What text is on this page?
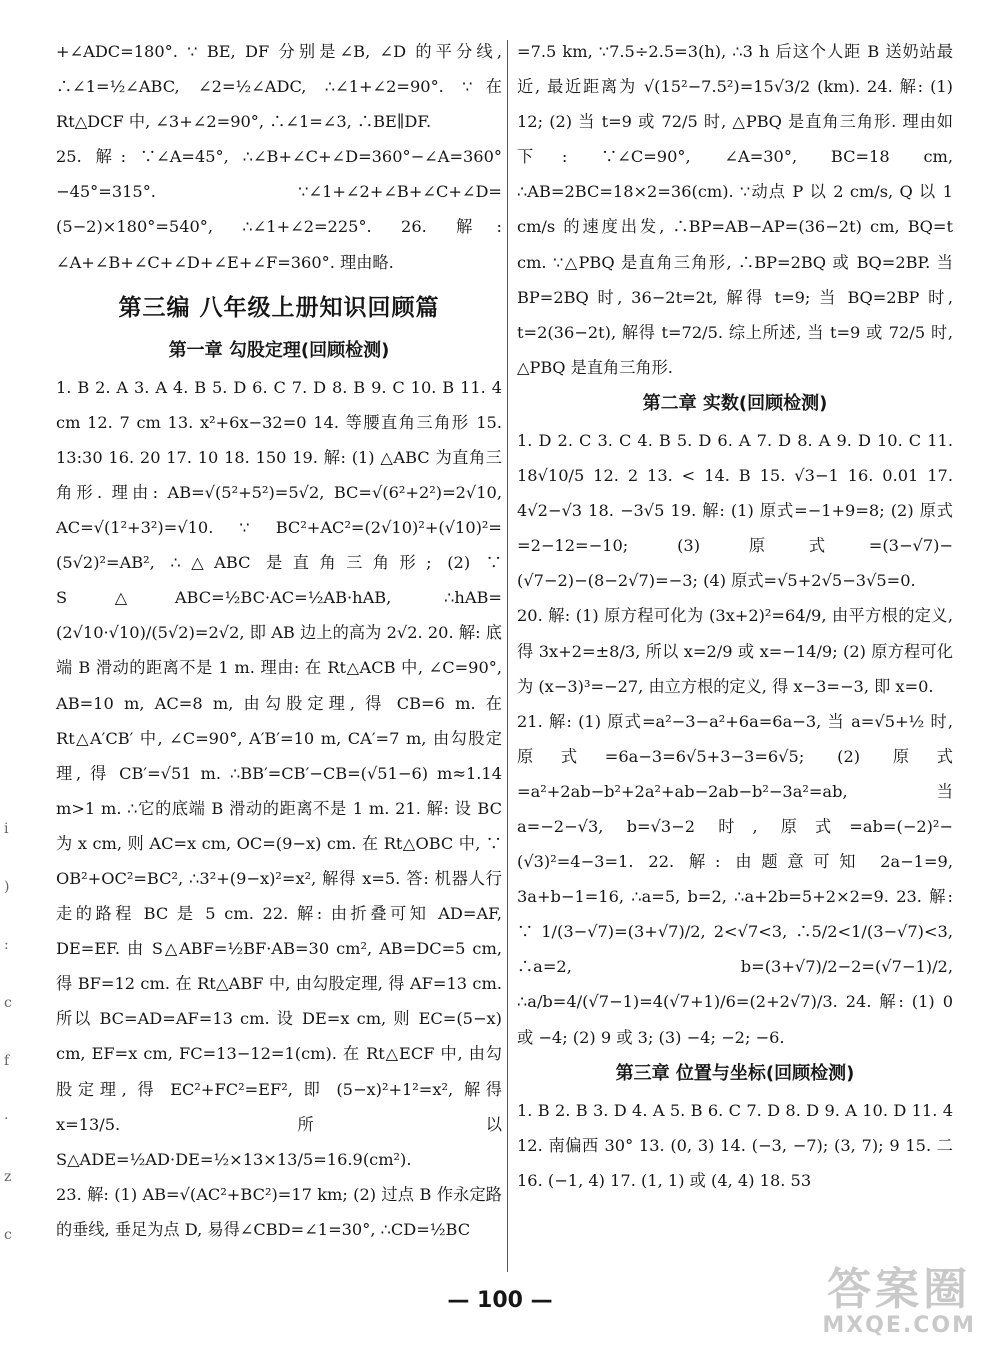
+∠ADC=180°. ∵ BE, DF 分别是∠B, ∠D 的平分线, ∴∠1=½∠ABC, ∠2=½∠ADC, ∴∠1+∠2=90°. ∵在 Rt△DCF 中, ∠3+∠2=90°, ∴∠1=∠3, ∴BE∥DF.

25. 解: ∵∠A=45°, ∴∠B+∠C+∠D=360°−∠A=360°−45°=315°. ∵∠1+∠2+∠B+∠C+∠D=(5−2)×180°=540°, ∴∠1+∠2=225°. 26. 解: ∠A+∠B+∠C+∠D+∠E+∠F=360°. 理由略.

第三编 八年级上册知识回顾篇
第一章 勾股定理(回顾检测)

1. B 2. A 3. A 4. B 5. D 6. C 7. D 8. B 9. C 10. B 11. 4 cm 12. 7 cm 13. x²+6x−32=0 14. 等腰直角三角形 15. 13:30 16. 20 17. 10 18. 150 19. 解: (1) △ABC 为直角三角形. 理由: AB=√(5²+5²)=5√2, BC=√(6²+2²)=2√10, AC=√(1²+3²)=√10. ∵ BC²+AC²=(2√10)²+(√10)²=(5√2)²=AB², ∴△ABC 是直角三角形; (2) ∵ S△ABC=½BC·AC=½AB·hAB, ∴hAB=(2√10·√10)/(5√2)=2√2, 即 AB 边上的高为 2√2. 20. 解: 底端 B 滑动的距离不是 1 m. 理由: 在 Rt△ACB 中, ∠C=90°, AB=10 m, AC=8 m, 由勾股定理, 得 CB=6 m. 在 Rt△A′CB′ 中, ∠C=90°, A′B′=10 m, CA′=7 m, 由勾股定理, 得 CB′=√51 m. ∴BB′=CB′−CB=(√51−6) m≈1.14 m>1 m. ∴它的底端 B 滑动的距离不是 1 m. 21. 解: 设 BC 为 x cm, 则 AC=x cm, OC=(9−x) cm. 在 Rt△OBC 中, ∵ OB²+OC²=BC², ∴3²+(9−x)²=x², 解得 x=5. 答: 机器人行走的路程 BC 是 5 cm. 22. 解: 由折叠可知 AD=AF, DE=EF. 由 S△ABF=½BF·AB=30 cm², AB=DC=5 cm, 得 BF=12 cm. 在 Rt△ABF 中, 由勾股定理, 得 AF=13 cm. 所以 BC=AD=AF=13 cm. 设 DE=x cm, 则 EC=(5−x) cm, EF=x cm, FC=13−12=1(cm). 在 Rt△ECF 中, 由勾股定理, 得 EC²+FC²=EF², 即 (5−x)²+1²=x², 解得 x=13/5. 所以 S△ADE=½AD·DE=½×13×13/5=16.9(cm²).

23. 解: (1) AB=√(AC²+BC²)=17 km; (2) 过点 B 作永定路的垂线, 垂足为点 D, 易得∠CBD=∠1=30°, ∴CD=½BC

=7.5 km, ∵7.5÷2.5=3(h), ∴3 h 后这个人距 B 送奶站最近, 最近距离为 √(15²−7.5²)=15√3/2 (km). 24. 解: (1) 12; (2) 当 t=9 或 72/5 时, △PBQ 是直角三角形. 理由如下: ∵∠C=90°, ∠A=30°, BC=18 cm, ∴AB=2BC=18×2=36(cm). ∵动点 P 以 2 cm/s, Q 以 1 cm/s 的速度出发, ∴BP=AB−AP=(36−2t) cm, BQ=t cm. ∵△PBQ 是直角三角形, ∴BP=2BQ 或 BQ=2BP. 当 BP=2BQ 时, 36−2t=2t, 解得 t=9; 当 BQ=2BP 时, t=2(36−2t), 解得 t=72/5. 综上所述, 当 t=9 或 72/5 时, △PBQ 是直角三角形.

第二章 实数(回顾检测)

1. D 2. C 3. C 4. B 5. D 6. A 7. D 8. A 9. D 10. C 11. 18√10/5 12. 2 13. < 14. B 15. √3−1 16. 0.01 17. 4√2−√3 18. −3√5 19. 解: (1) 原式=−1+9=8; (2) 原式=2−12=−10; (3) 原式=(3−√7)−(√7−2)−(8−2√7)=−3; (4) 原式=√5+2√5−3√5=0.

20. 解: (1) 原方程可化为 (3x+2)²=64/9, 由平方根的定义, 得 3x+2=±8/3, 所以 x=2/9 或 x=−14/9; (2) 原方程可化为 (x−3)³=−27, 由立方根的定义, 得 x−3=−3, 即 x=0.

21. 解: (1) 原式=a²−3−a²+6a=6a−3, 当 a=√5+½ 时, 原式=6a−3=6√5+3−3=6√5; (2) 原式=a²+2ab−b²+2a²+ab−2ab−b²−3a²=ab, 当 a=−2−√3, b=√3−2 时, 原式=ab=(−2)²−(√3)²=4−3=1. 22. 解: 由题意可知 2a−1=9, 3a+b−1=16, ∴a=5, b=2, ∴a+2b=5+2×2=9. 23. 解: ∵ 1/(3−√7)=(3+√7)/2, 2<√7<3, ∴5/2<1/(3−√7)<3, ∴a=2, b=(3+√7)/2−2=(√7−1)/2, ∴a/b=4/(√7−1)=4(√7+1)/6=(2+2√7)/3. 24. 解: (1) 0 或 −4; (2) 9 或 3; (3) −4; −2; −6.

第三章 位置与坐标(回顾检测)

1. B 2. B 3. D 4. A 5. B 6. C 7. D 8. D 9. A 10. D 11. 4 12. 南偏西 30° 13. (0, 3) 14. (−3, −7); (3, 7); 9 15. 二 16. (−1, 4) 17. (1, 1) 或 (4, 4) 18. 53

i
)
:
c
f
·
z
c
— 100 —	答案圈
MXQE.COM
